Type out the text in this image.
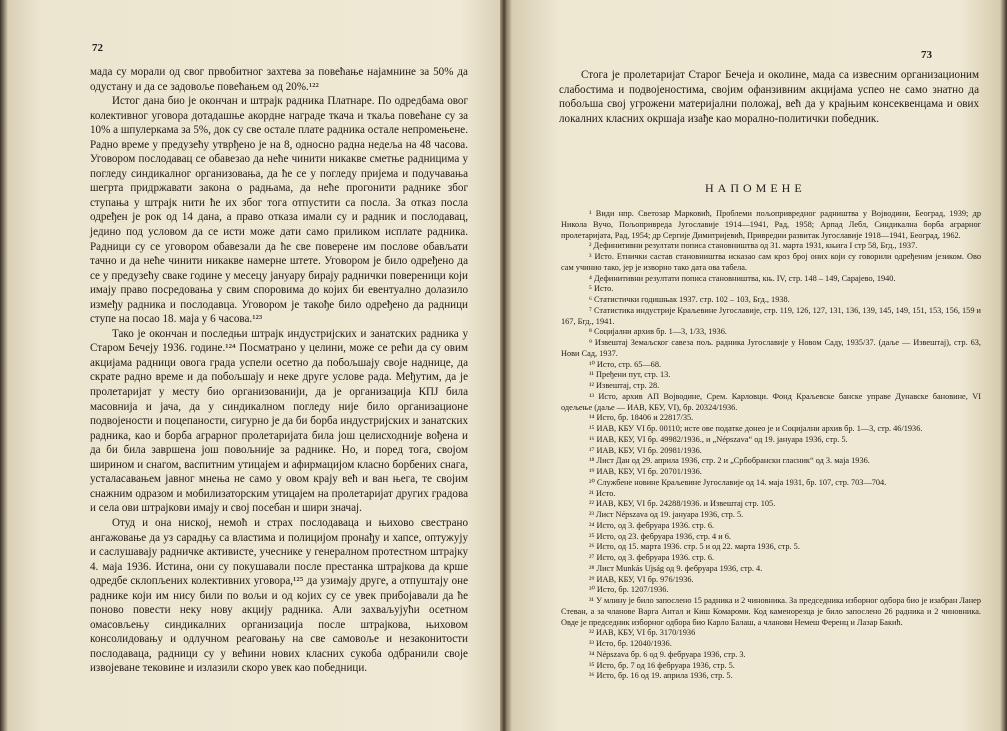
72

мада су морали од свог првобитног захтева за повећање најамнине за 50% да одустану и да се задовоље повећањем од 20%.¹²²

Истог дана био је окончан и штрајк радника Платнаре. По одредбама овог колективног уговора дотадашње акордне награде ткача и ткаља повећане су за 10% а шпулеркама за 5%, док су све остале плате радника остале непромењене. Радно време у предузећу утврђено је на 8, односно радна недеља на 48 часова. Уговором послодавац се обавезао да неће чинити никакве сметње радницима у погледу синдикалног организовања, да ће се у погледу пријема и подучавања шегрта придржавати закона о радњама, да неће прогонити раднике због ступања у штрајк нити ће их због тога отпустити са посла. За отказ посла одређен је рок од 14 дана, а право отказа имали су и радник и послодавац, једино под условом да се исти може дати само приликом исплате радника. Радници су се уговором обавезали да ће све поверене им послове обављати тачно и да неће чинити никакве намерне штете. Уговором је било одређено да се у предузећу сваке године у месецу јануару бирају раднички повереници који имају право посредовања у свим споровима до којих би евентуално долазило између радника и послодавца. Уговором је такође било одређено да радници ступе на посао 18. маја у 6 часова.¹²³

Тако је окончан и последњи штрајк индустријских и занатских радника у Старом Бечеју 1936. године.¹²⁴ Посматрано у целини, може се рећи да су овим акцијама радници овога града успели осетно да побољшају своје наднице, да скрате радно време и да побољшају и неке друге услове рада. Међутим, да је пролетаријат у месту био организованији, да је организација КПЈ била масовнија и јача, да у синдикалном погледу није било организационе подвојености и поцепаности, сигурно је да би борба индустријских и занатских радника, као и борба аграрног пролетаријата била још целисходније вођена и да би била завршена још повољније за раднике. Но, и поред тога, својом ширином и снагом, васпитним утицајем и афирмацијом класно борбених снага, усталасавањем јавног мнења не само у овом крају већ и ван њега, те својим снажним одразом и мобилизаторским утицајем на пролетаријат других градова и села ови штрајкови имају и свој посебан и шири значај.

Отуд и она ниској, немоћ и страх послодаваца и њихово свестрано ангажовање да уз сарадњу са властима и полицијом пронађу и хапсе, оптужују и саслушавају радничке активисте, учеснике у генералном протестном штрајку 4. маја 1936. Истина, они су покушавали после престанка штрајкова да крше одредбе склопљених колективних уговора,¹²⁵ да узимају друге, а отпуштају оне раднике који им нису били по вољи и од којих су се увек прибојавали да ће поново повести неку нову акцију радника. Али захваљујући осетном омасовљењу синдикалних организација после штрајкова, њиховом консолидовању и одлучном реаговању на све самовоље и незаконитости послодаваца, радници су у већини нових класних сукоба одбранили своје извојеване тековине и излазили скоро увек као победници.

73

Стога је пролетаријат Старог Бечеја и околине, мада са извесним организационим слабостима и подвојеностима, својим офанзивним акцијама успео не само знатно да побољша свој угрожени материјални положај, већ да у крајњим консеквенцама и ових локалних класних окршаја изађе као морално-политички победник.

НАПОМЕНЕ

¹ Види нпр. Светозар Марковић, Проблеми пољопривредног радништва у Војводини, Београд, 1939; др Никола Вучо, Пољопривреда Југославије 1914—1941, Рад, 1958; Арпад Лебл, Синдикална борба аграрног пролетаријата, Рад, 1954; др Сергије Димитријевић, Привредни развитак Југославије 1918—1941, Београд, 1962.

² Дефинитивни резултати пописа становништва од 31. марта 1931, књига I стр 58, Бгд., 1937.

³ Исто. Етнички састав становништва исказао сам кроз број оних који су говорили одређеним језиком. Ово сам учинио тако, јер је изворно тако дата ова табела.

⁴ Дефинитивни резултати пописа становништва, књ. IV, стр. 148 – 149, Сарајево, 1940.

⁵ Исто.

⁶ Статистички годишњак 1937. стр. 102 – 103, Бгд., 1938.

⁷ Статистика индустрије Краљевине Југославије, стр. 119, 126, 127, 131, 136, 139, 145, 149, 151, 153, 156, 159 и 167, Бгд., 1941.

⁸ Социјални архив бр. 1—3, 1/33, 1936.

⁹ Извештај Земаљског савеза пољ. радника Југославије у Новом Саду, 1935/37. (даље — Извештај), стр. 63, Нови Сад, 1937.

¹⁰ Исто, стр. 65—68.

¹¹ Пређени пут, стр. 13.

¹² Извештај, стр. 28.

¹³ Исто, архив АП Војводине, Срем. Карловци. Фонд Краљевске банске управе Дунавске бановине, VI одељење (даље — ИАВ, КБУ, VI), бр. 20324/1936.

¹⁴ Исто, бр. 18406 и 22817/35.

¹⁵ ИАВ, КБУ VI бр. 00110; исте ове податке донео је и Социјални архив бр. 1—3, стр. 46/1936.

¹⁶ ИАВ, КБУ, VI бр. 49982/1936., и „Népszava“ од 19. јануара 1936, стр. 5.

¹⁷ ИАВ, КБУ, VI бр. 20981/1936.

¹⁸ Лист Дан од 29. априла 1936, стр. 2 и „Србобрански гласник“ од 3. маја 1936.

¹⁹ ИАВ, КБУ, VI бр. 20701/1936.

²⁰ Службене новине Краљевине Југославије од 14. маја 1931, бр. 107, стр. 703—704.

²¹ Исто.

²² ИАВ, КБУ, VI бр. 24288/1936. и Извештај стр. 105.

²³ Лист Népszava од 19. јануара 1936, стр. 5.

²⁴ Исто, од 3. фебруара 1936. стр. 6.

²⁵ Исто, од 23. фебруара 1936, стр. 4 и 6.

²⁶ Исто, од 15. марта 1936. стр. 5 и од 22. марта 1936, стр. 5.

²⁷ Исто, од 3. фебруара 1936. стр. 6.

²⁸ Лист Munkás Ujság од 9. фебруара 1936, стр. 4.

²⁹ ИАВ, КБУ, VI бр. 976/1936.

³⁰ Исто, бр. 1207/1936.

³¹ У млину је било запослено 15 радника и 2 чиновника. За председника изборног одбора био је изабран Ланер Стеван, а за чланове Варга Антал и Киш Комароми. Код каменорезца је било запослено 26 радника и 2 чиновника. Овде је председник изборног одбора био Карло Балаш, а чланови Немеш Ференц и Лазар Бакић.

³² ИАВ, КБУ, VI бр. 3170/1936

³³ Исто, бр. 12040/1936.

³⁴ Népszava бр. 6 од 9. фебруара 1936, стр. 3.

³⁵ Исто, бр. 7 од 16 фебруара 1936, стр. 5.

³⁶ Исто, бр. 16 од 19. априла 1936, стр. 5.
